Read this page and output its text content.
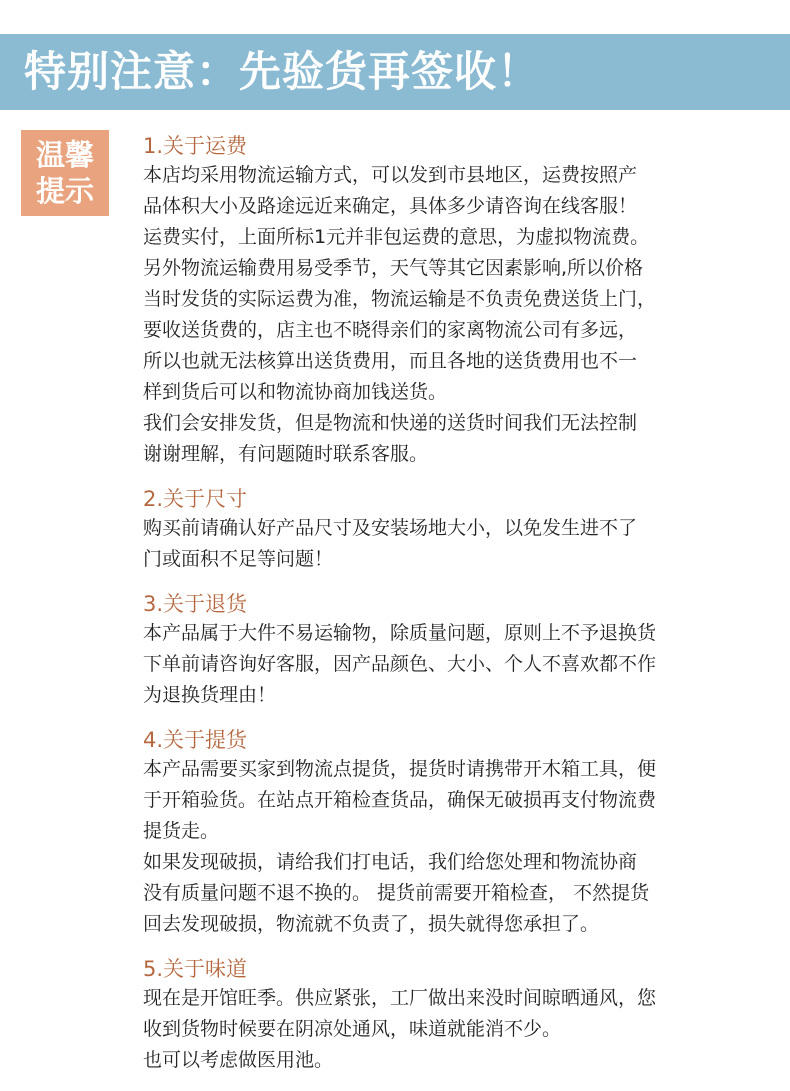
特别注意：先验货再签收！
温馨
提示

1.关于运费

本店均采用物流运输方式，可以发到市县地区，运费按照产

品体积大小及路途远近来确定，具体多少请咨询在线客服！

运费实付，上面所标1元并非包运费的意思，为虚拟物流费。

另外物流运输费用易受季节，天气等其它因素影响,所以价格

当时发货的实际运费为准，物流运输是不负责免费送货上门，

要收送货费的，店主也不晓得亲们的家离物流公司有多远，

所以也就无法核算出送货费用，而且各地的送货费用也不一

样到货后可以和物流协商加钱送货。

我们会安排发货，但是物流和快递的送货时间我们无法控制

谢谢理解，有问题随时联系客服。

2.关于尺寸

购买前请确认好产品尺寸及安装场地大小，以免发生进不了

门或面积不足等问题！

3.关于退货

本产品属于大件不易运输物，除质量问题，原则上不予退换货

下单前请咨询好客服，因产品颜色、大小、个人不喜欢都不作

为退换货理由！

4.关于提货

本产品需要买家到物流点提货，提货时请携带开木箱工具，便

于开箱验货。在站点开箱检查货品，确保无破损再支付物流费

提货走。

如果发现破损，请给我们打电话，我们给您处理和物流协商

没有质量问题不退不换的。 提货前需要开箱检查， 不然提货

回去发现破损，物流就不负责了，损失就得您承担了。

5.关于味道

现在是开馆旺季。供应紧张，工厂做出来没时间晾晒通风，您

收到货物时候要在阴凉处通风，味道就能消不少。

也可以考虑做医用池。
